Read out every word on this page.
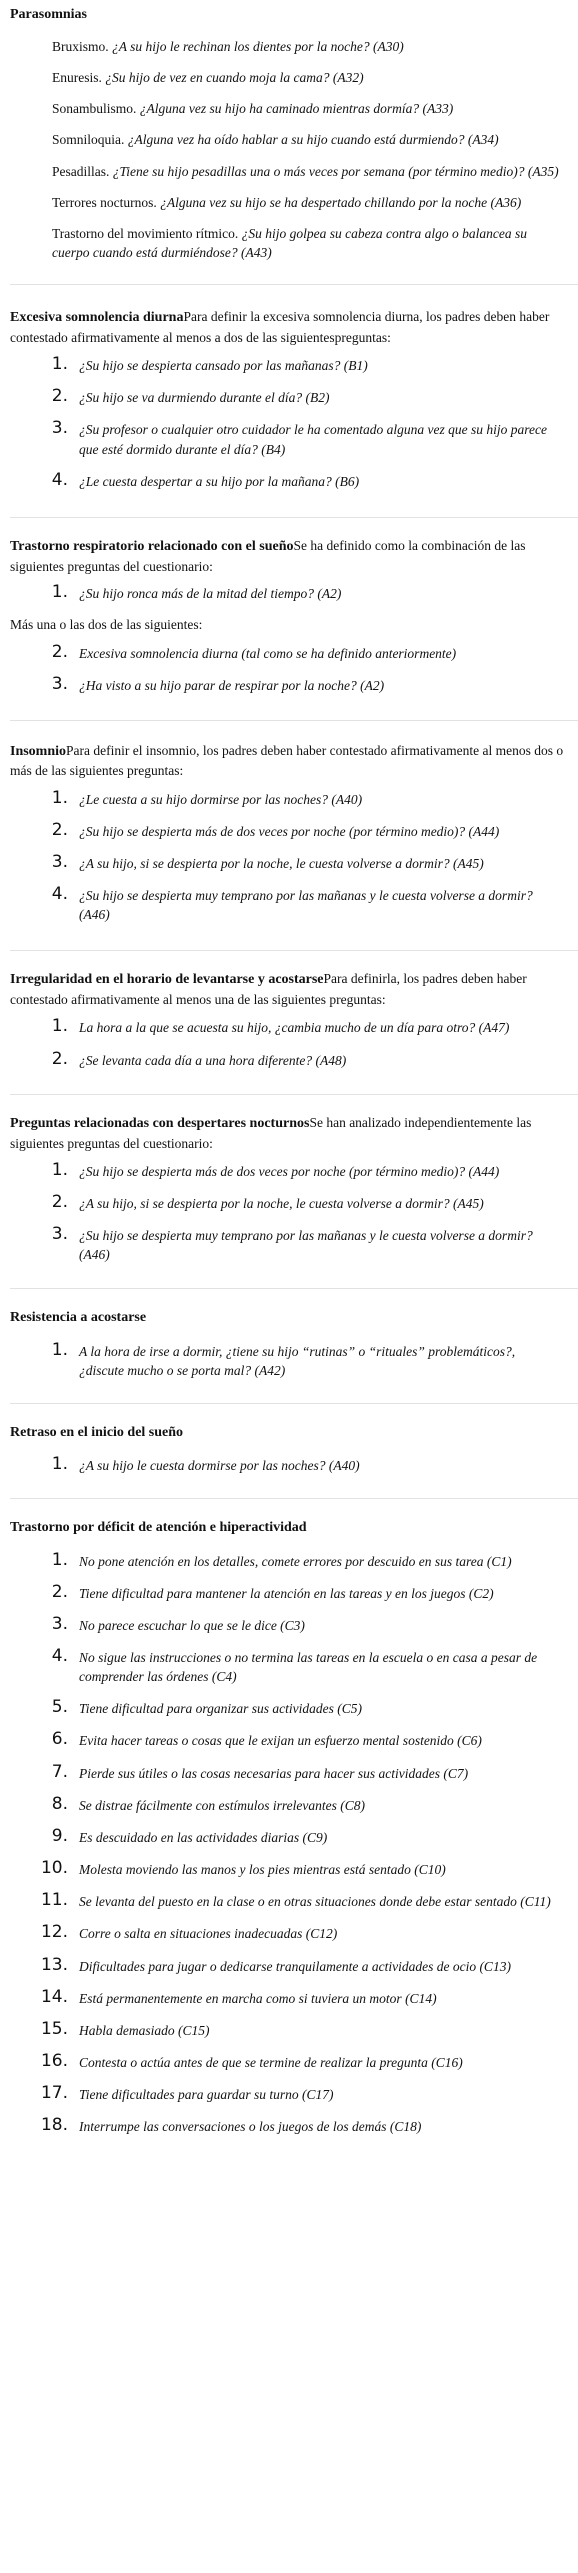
Parasomnias

Bruxismo. ¿A su hijo le rechinan los dientes por la noche? (A30)
Enuresis. ¿Su hijo de vez en cuando moja la cama? (A32)
Sonambulismo. ¿Alguna vez su hijo ha caminado mientras dormía? (A33)
Somniloquia. ¿Alguna vez ha oído hablar a su hijo cuando está durmiendo? (A34)
Pesadillas. ¿Tiene su hijo pesadillas una o más veces por semana (por término medio)? (A35)
Terrores nocturnos. ¿Alguna vez su hijo se ha despertado chillando por la noche (A36)
Trastorno del movimiento rítmico. ¿Su hijo golpea su cabeza contra algo o balancea su cuerpo cuando está durmiéndose? (A43)

Excesiva somnolencia diurnaPara definir la excesiva somnolencia diurna, los padres deben haber contestado afirmativamente al menos a dos de las siguientespreguntas:

1. ¿Su hijo se despierta cansado por las mañanas? (B1)
2. ¿Su hijo se va durmiendo durante el día? (B2)
3. ¿Su profesor o cualquier otro cuidador le ha comentado alguna vez que su hijo parece que esté dormido durante el día? (B4)
4. ¿Le cuesta despertar a su hijo por la mañana? (B6)

Trastorno respiratorio relacionado con el sueñoSe ha definido como la combinación de las siguientes preguntas del cuestionario:

1. ¿Su hijo ronca más de la mitad del tiempo? (A2)

Más una o las dos de las siguientes:

2. Excesiva somnolencia diurna (tal como se ha definido anteriormente)
3. ¿Ha visto a su hijo parar de respirar por la noche? (A2)

InsomnioPara definir el insomnio, los padres deben haber contestado afirmativamente al menos dos o más de las siguientes preguntas:

1. ¿Le cuesta a su hijo dormirse por las noches? (A40)
2. ¿Su hijo se despierta más de dos veces por noche (por término medio)? (A44)
3. ¿A su hijo, si se despierta por la noche, le cuesta volverse a dormir? (A45)
4. ¿Su hijo se despierta muy temprano por las mañanas y le cuesta volverse a dormir? (A46)

Irregularidad en el horario de levantarse y acostarsePara definirla, los padres deben haber contestado afirmativamente al menos una de las siguientes preguntas:

1. La hora a la que se acuesta su hijo, ¿cambia mucho de un día para otro? (A47)
2. ¿Se levanta cada día a una hora diferente? (A48)

Preguntas relacionadas con despertares nocturnosSe han analizado independientemente las siguientes preguntas del cuestionario:

1. ¿Su hijo se despierta más de dos veces por noche (por término medio)? (A44)
2. ¿A su hijo, si se despierta por la noche, le cuesta volverse a dormir? (A45)
3. ¿Su hijo se despierta muy temprano por las mañanas y le cuesta volverse a dormir? (A46)

Resistencia a acostarse

1. A la hora de irse a dormir, ¿tiene su hijo “rutinas” o “rituales” problemáticos?, ¿discute mucho o se porta mal? (A42)

Retraso en el inicio del sueño

1. ¿A su hijo le cuesta dormirse por las noches? (A40)

Trastorno por déficit de atención e hiperactividad

1. No pone atención en los detalles, comete errores por descuido en sus tarea (C1)
2. Tiene dificultad para mantener la atención en las tareas y en los juegos (C2)
3. No parece escuchar lo que se le dice (C3)
4. No sigue las instrucciones o no termina las tareas en la escuela o en casa a pesar de comprender las órdenes (C4)
5. Tiene dificultad para organizar sus actividades (C5)
6. Evita hacer tareas o cosas que le exijan un esfuerzo mental sostenido (C6)
7. Pierde sus útiles o las cosas necesarias para hacer sus actividades (C7)
8. Se distrae fácilmente con estímulos irrelevantes (C8)
9. Es descuidado en las actividades diarias (C9)
10. Molesta moviendo las manos y los pies mientras está sentado (C10)
11. Se levanta del puesto en la clase o en otras situaciones donde debe estar sentado (C11)
12. Corre o salta en situaciones inadecuadas (C12)
13. Dificultades para jugar o dedicarse tranquilamente a actividades de ocio (C13)
14. Está permanentemente en marcha como si tuviera un motor (C14)
15. Habla demasiado (C15)
16. Contesta o actúa antes de que se termine de realizar la pregunta (C16)
17. Tiene dificultades para guardar su turno (C17)
18. Interrumpe las conversaciones o los juegos de los demás (C18)
